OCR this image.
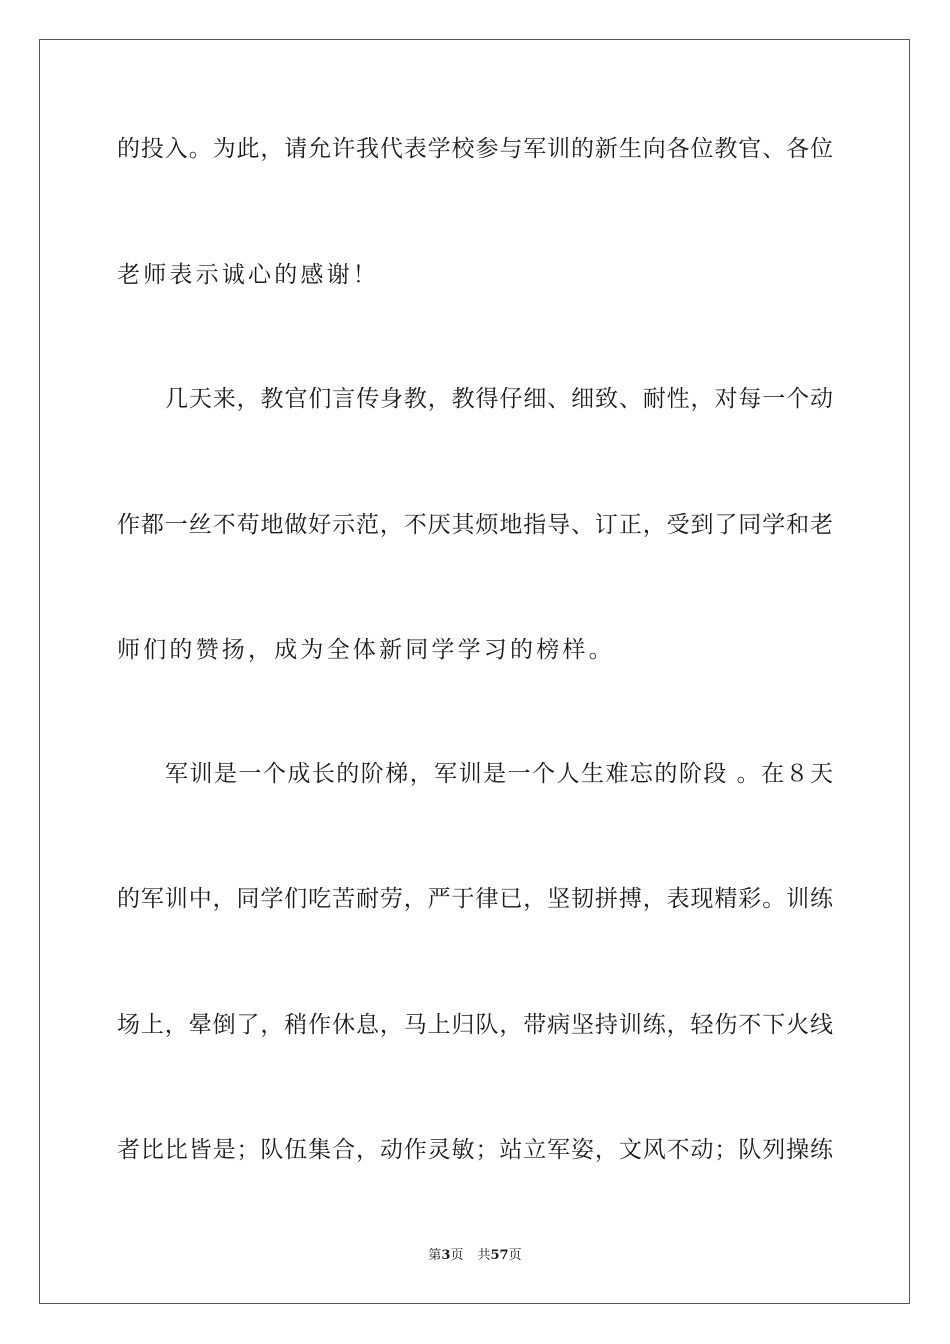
的投入。为此，请允许我代表学校参与军训的新生向各位教官、各位
老师表示诚心的感谢！
几天来，教官们言传身教，教得仔细、细致、耐性，对每一个动
作都一丝不苟地做好示范，不厌其烦地指导、订正，受到了同学和老
师们的赞扬，成为全体新同学学习的榜样。
军训是一个成长的阶梯，军训是一个人生难忘的阶段 。在８天
的军训中，同学们吃苦耐劳，严于律已，坚韧拼搏，表现精彩。训练
场上，晕倒了，稍作休息，马上归队，带病坚持训练，轻伤不下火线
者比比皆是；队伍集合，动作灵敏；站立军姿，文风不动；队列操练
第3页 共57页
